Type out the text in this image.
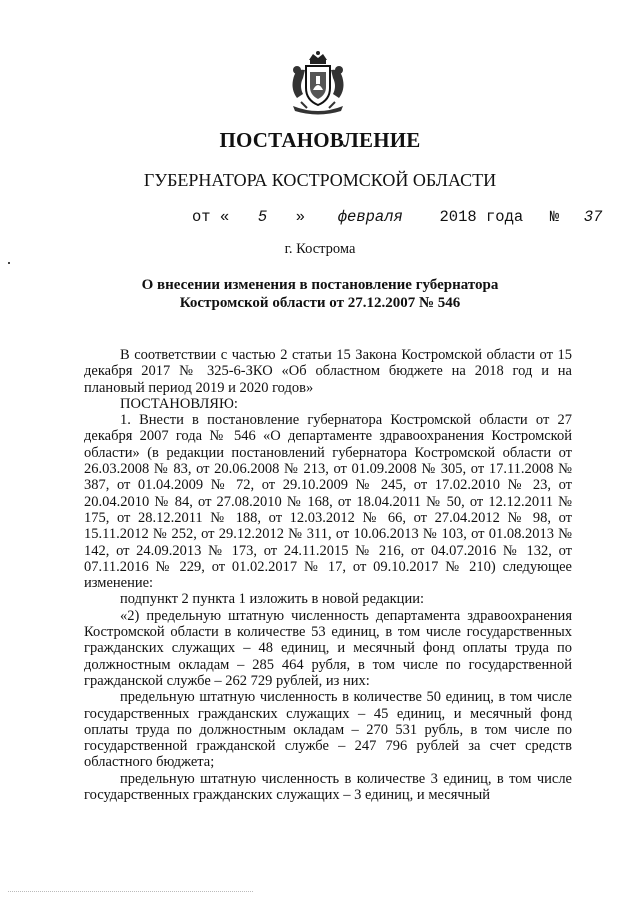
ПОСТАНОВЛЕНИЕ
ГУБЕРНАТОРА КОСТРОМСКОЙ ОБЛАСТИ
от « 5 » февраля 2018 года № 37
г. Кострома
О внесении изменения в постановление губернатора
Костромской области от 27.12.2007 № 546

В соответствии с частью 2 статьи 15 Закона Костромской области от 15 декабря 2017 № 325-6-ЗКО «Об областном бюджете на 2018 год и на плановый период 2019 и 2020 годов»

ПОСТАНОВЛЯЮ:

1. Внести в постановление губернатора Костромской области от 27 декабря 2007 года № 546 «О департаменте здравоохранения Костромской области» (в редакции постановлений губернатора Костромской области от 26.03.2008 № 83, от 20.06.2008 № 213, от 01.09.2008 № 305, от 17.11.2008 № 387, от 01.04.2009 № 72, от 29.10.2009 № 245, от 17.02.2010 № 23, от 20.04.2010 № 84, от 27.08.2010 № 168, от 18.04.2011 № 50, от 12.12.2011 № 175, от 28.12.2011 № 188, от 12.03.2012 № 66, от 27.04.2012 № 98, от 15.11.2012 № 252, от 29.12.2012 № 311, от 10.06.2013 № 103, от 01.08.2013 № 142, от 24.09.2013 № 173, от 24.11.2015 № 216, от 04.07.2016 № 132, от 07.11.2016 № 229, от 01.02.2017 № 17, от 09.10.2017 № 210) следующее изменение:

подпункт 2 пункта 1 изложить в новой редакции:

«2) предельную штатную численность департамента здравоохранения Костромской области в количестве 53 единиц, в том числе государственных гражданских служащих – 48 единиц, и месячный фонд оплаты труда по должностным окладам – 285 464 рубля, в том числе по государственной гражданской службе – 262 729 рублей, из них:

предельную штатную численность в количестве 50 единиц, в том числе государственных гражданских служащих – 45 единиц, и месячный фонд оплаты труда по должностным окладам – 270 531 рубль, в том числе по государственной гражданской службе – 247 796 рублей за счет средств областного бюджета;

предельную штатную численность в количестве 3 единиц, в том числе государственных гражданских служащих – 3 единиц, и месячный
